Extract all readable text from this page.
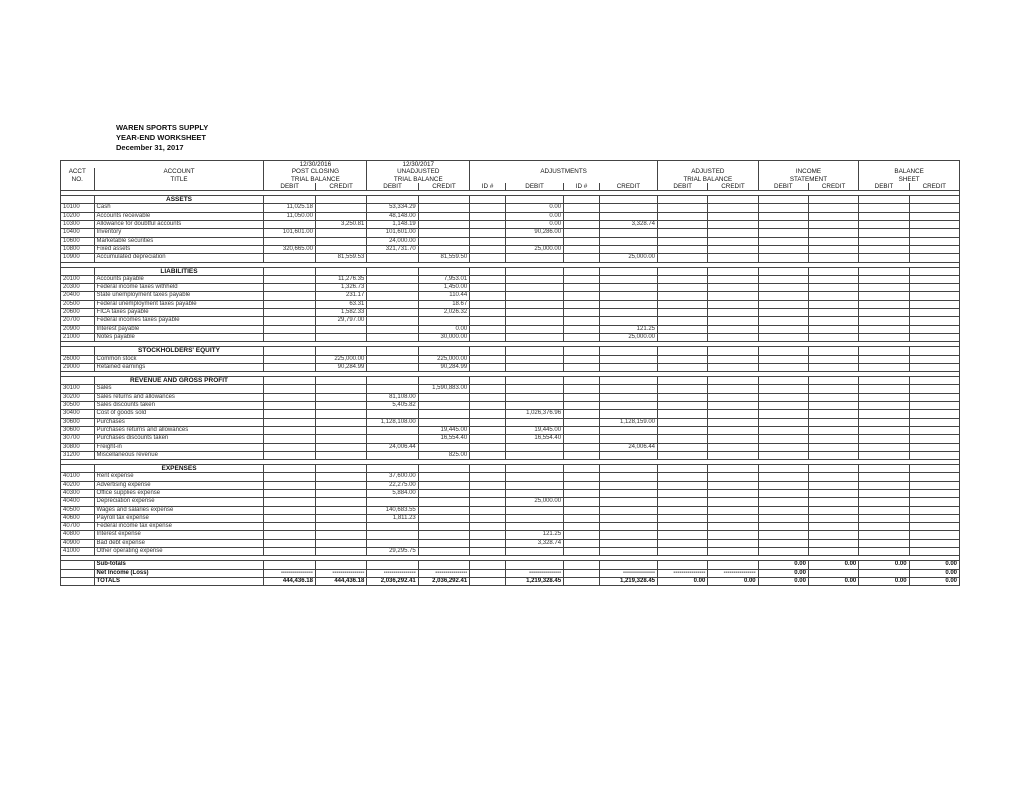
WAREN SPORTS SUPPLY
YEAR-END WORKSHEET
December 31, 2017
		12/30/2016		12/30/2017											
ACCT	ACCOUNT	POST CLOSING		UNADJUSTED		ADJUSTMENTS				ADJUSTED		INCOME		BALANCE	
NO.	TITLE	TRIAL BALANCE		TRIAL BALANCE						TRIAL BALANCE		STATEMENT		SHEET	
		DEBIT	CREDIT	DEBIT	CREDIT	ID #	DEBIT	ID #	CREDIT	DEBIT	CREDIT	DEBIT	CREDIT	DEBIT	CREDIT

	ASSETS														
10100	Cash	11,025.18		53,334.29			0.00								
10200	Accounts receivable	11,050.00		48,148.00			0.00								
10300	Allowance for doubtful accounts		3,250.81	1,148.19			0.00		3,328.74						
10400	Inventory	101,601.00		101,601.00			90,286.00								
10600	Marketable securities			24,000.00											
10800	Fixed assets	320,665.00		321,731.70			25,000.00								
10900	Accumulated depreciation		81,559.53		81,559.50				25,000.00						

	LIABILITIES														
20100	Accounts payable		11,276.35		7,953.01										
20300	Federal income taxes withheld		1,326.73		1,450.00										
20400	State unemployment taxes payable		231.17		110.44										
20500	Federal unemployment taxes payable		63.31		18.67										
20600	FICA taxes payable		1,582.33		2,026.32										
20700	Federal incomes taxes payable		29,797.00												
20900	Interest payable				0.00				121.25						
21000	Notes payable				30,000.00				25,000.00						

	STOCKHOLDERS' EQUITY														
26000	Common stock		225,000.00		225,000.00										
29000	Retained earnings		90,284.99		90,284.99										

	REVENUE AND GROSS PROFIT														
30100	Sales				1,590,883.00										
30200	Sales returns and allowances			81,108.00											
30500	Sales discounts taken			5,405.82											
30400	Cost of goods sold						1,026,376.96								
30600	Purchases			1,128,108.00					1,128,159.00						
30600	Purchases returns and allowances				19,445.00		19,445.00								
30700	Purchases discounts taken				16,554.40		16,554.40								
30800	Freight-in			24,006.44					24,006.44						
31200	Miscellaneous revenue				825.00										

	EXPENSES														
40100	Rent expense			37,600.00											
40200	Advertising expense			22,275.00											
40300	Office supplies expense			5,884.00											
40400	Depreciation expense						25,000.00								
40500	Wages and salaries expense			140,683.55											
40600	Payroll tax expense			1,811.23											
40700	Federal income tax expense														
40800	Interest expense						121.25								
40900	Bad debt expense						3,328.74								
41000	Other operating expense			29,295.75											

	Sub-totals											0.00	0.00	0.00	0.00
	Net Income (Loss)	----------------	----------------	----------------	----------------		----------------		----------------	----------------	----------------	0.00			0.00
	TOTALS	444,436.18	444,436.18	2,036,292.41	2,036,292.41		1,219,328.45		1,219,328.45	0.00	0.00	0.00	0.00	0.00	0.00
